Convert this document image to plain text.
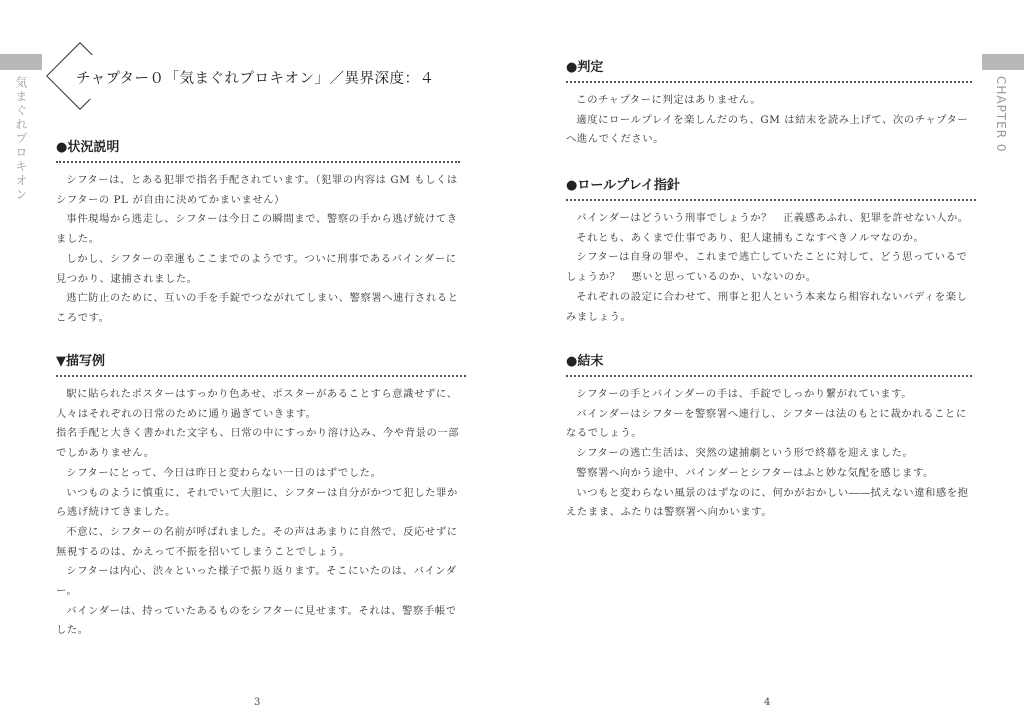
気まぐれプロキオン	CHAPTER 0
チャプター０「気まぐれプロキオン」／異界深度：４
●状況説明

シフターは、とある犯罪で指名手配されています。（犯罪の内容は GM もしくはシフターの PL が自由に決めてかまいません）

事件現場から逃走し、シフターは今日この瞬間まで、警察の手から逃げ続けてきました。

しかし、シフターの幸運もここまでのようです。ついに刑事であるバインダーに見つかり、逮捕されました。

逃亡防止のために、互いの手を手錠でつながれてしまい、警察署へ連行されるところです。

▼描写例

駅に貼られたポスターはすっかり色あせ、ポスターがあることすら意識せずに、人々はそれぞれの日常のために通り過ぎていきます。

指名手配と大きく書かれた文字も、日常の中にすっかり溶け込み、今や背景の一部でしかありません。

シフターにとって、今日は昨日と変わらない一日のはずでした。

いつものように慎重に、それでいて大胆に、シフターは自分がかつて犯した罪から逃げ続けてきました。

不意に、シフターの名前が呼ばれました。その声はあまりに自然で、反応せずに無視するのは、かえって不振を招いてしまうことでしょう。

シフターは内心、渋々といった様子で振り返ります。そこにいたのは、バインダー。

バインダーは、持っていたあるものをシフターに見せます。それは、警察手帳でした。

3
●判定

このチャプターに判定はありません。

適度にロールプレイを楽しんだのち、GM は結末を読み上げて、次のチャプターへ進んでください。

●ロールプレイ指針

バインダーはどういう刑事でしょうか？　正義感あふれ、犯罪を許せない人か。

それとも、あくまで仕事であり、犯人逮捕もこなすべきノルマなのか。

シフターは自身の罪や、これまで逃亡していたことに対して、どう思っているでしょうか？　悪いと思っているのか、いないのか。

それぞれの設定に合わせて、刑事と犯人という本来なら相容れないバディを楽しみましょう。

●結末

シフターの手とバインダーの手は、手錠でしっかり繋がれています。

バインダーはシフターを警察署へ連行し、シフターは法のもとに裁かれることになるでしょう。

シフターの逃亡生活は、突然の逮捕劇という形で終幕を迎えました。

警察署へ向かう途中、バインダーとシフターはふと妙な気配を感じます。

いつもと変わらない風景のはずなのに、何かがおかしい――拭えない違和感を抱えたまま、ふたりは警察署へ向かいます。

4
